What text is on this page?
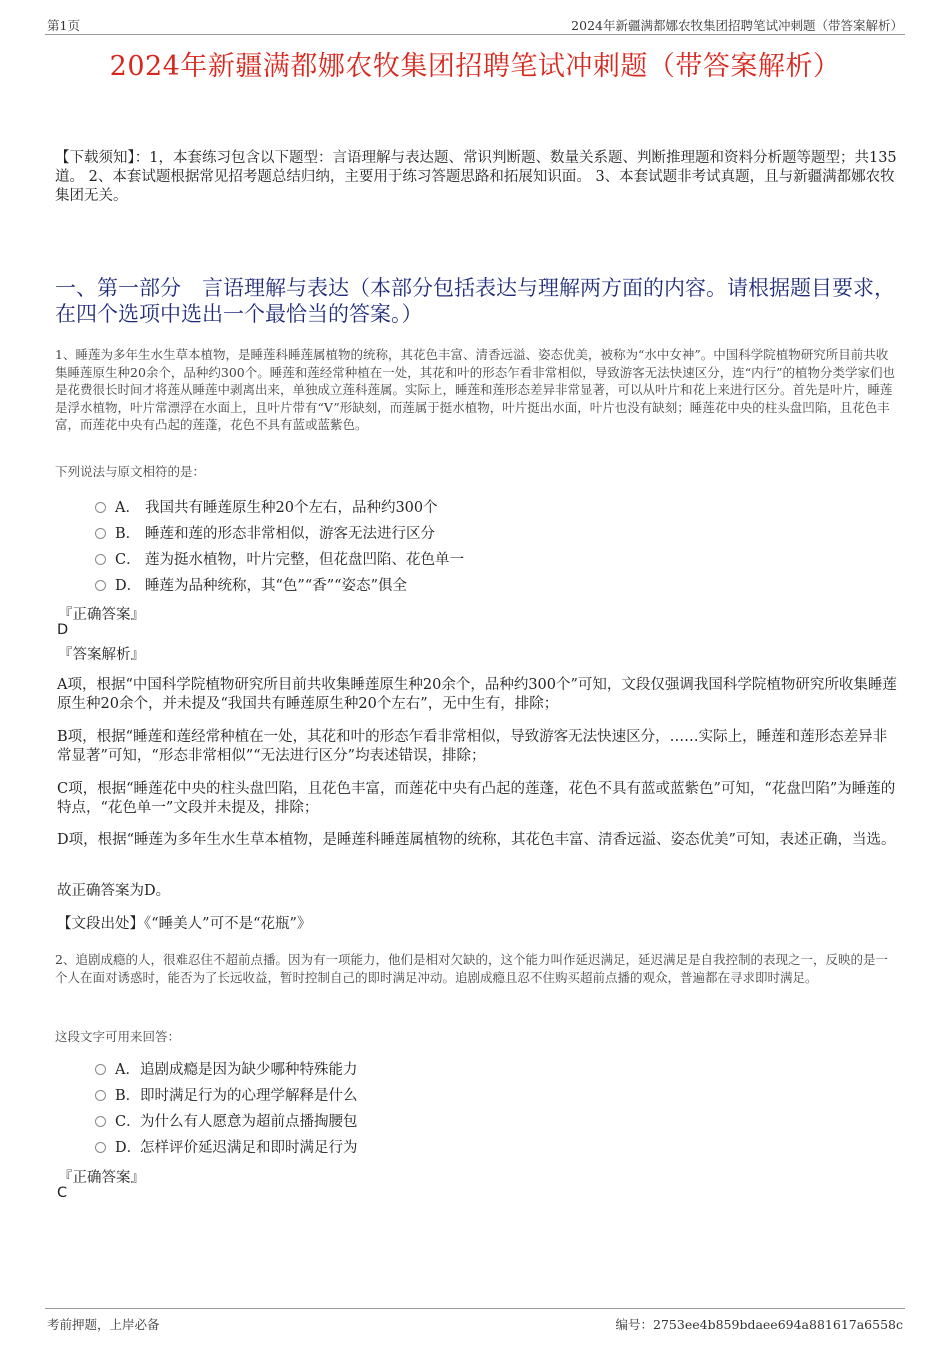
第1页	2024年新疆满都娜农牧集团招聘笔试冲刺题（带答案解析）
2024年新疆满都娜农牧集团招聘笔试冲刺题（带答案解析）
【下载须知】：1，本套练习包含以下题型：言语理解与表达题、常识判断题、数量关系题、判断推理题和资料分析题等题型；共135道。 2、本套试题根据常见招考题总结归纳，主要用于练习答题思路和拓展知识面。 3、本套试题非考试真题，且与新疆满都娜农牧集团无关。
一、第一部分　言语理解与表达（本部分包括表达与理解两方面的内容。请根据题目要求，在四个选项中选出一个最恰当的答案。）
1、睡莲为多年生水生草本植物，是睡莲科睡莲属植物的统称，其花色丰富、清香远溢、姿态优美，被称为“水中女神”。中国科学院植物研究所目前共收集睡莲原生种20余个，品种约300个。睡莲和莲经常种植在一处，其花和叶的形态乍看非常相似，导致游客无法快速区分，连“内行”的植物分类学家们也是花费很长时间才将莲从睡莲中剥离出来，单独成立莲科莲属。实际上，睡莲和莲形态差异非常显著，可以从叶片和花上来进行区分。首先是叶片，睡莲是浮水植物，叶片常漂浮在水面上，且叶片带有“V”形缺刻，而莲属于挺水植物，叶片挺出水面，叶片也没有缺刻；睡莲花中央的柱头盘凹陷，且花色丰富，而莲花中央有凸起的莲蓬，花色不具有蓝或蓝紫色。
下列说法与原文相符的是：
A． 我国共有睡莲原生种20个左右，品种约300个
B． 睡莲和莲的形态非常相似，游客无法进行区分
C． 莲为挺水植物，叶片完整，但花盘凹陷、花色单一
D． 睡莲为品种统称，其“色”“香”“姿态”俱全
『正确答案』
D
『答案解析』
A项，根据“中国科学院植物研究所目前共收集睡莲原生种20余个，品种约300个”可知，文段仅强调我国科学院植物研究所收集睡莲原生种20余个，并未提及“我国共有睡莲原生种20个左右”，无中生有，排除；
B项，根据“睡莲和莲经常种植在一处，其花和叶的形态乍看非常相似，导致游客无法快速区分，……实际上，睡莲和莲形态差异非常显著”可知，“形态非常相似”“无法进行区分”均表述错误，排除；
C项，根据“睡莲花中央的柱头盘凹陷，且花色丰富，而莲花中央有凸起的莲蓬，花色不具有蓝或蓝紫色”可知，“花盘凹陷”为睡莲的特点，“花色单一”文段并未提及，排除；
D项，根据“睡莲为多年生水生草本植物，是睡莲科睡莲属植物的统称，其花色丰富、清香远溢、姿态优美”可知，表述正确，当选。
故正确答案为D。
【文段出处】《“睡美人”可不是“花瓶”》
2、追剧成瘾的人，很难忍住不超前点播。因为有一项能力，他们是相对欠缺的，这个能力叫作延迟满足，延迟满足是自我控制的表现之一，反映的是一个人在面对诱惑时，能否为了长远收益，暂时控制自己的即时满足冲动。追剧成瘾且忍不住购买超前点播的观众，普遍都在寻求即时满足。
这段文字可用来回答：
A． 追剧成瘾是因为缺少哪种特殊能力
B． 即时满足行为的心理学解释是什么
C． 为什么有人愿意为超前点播掏腰包
D．
怎样评价延迟满足和即时满足行为
『正确答案』
C
考前押题，上岸必备	编号：2753ee4b859bdaee694a881617a6558c
